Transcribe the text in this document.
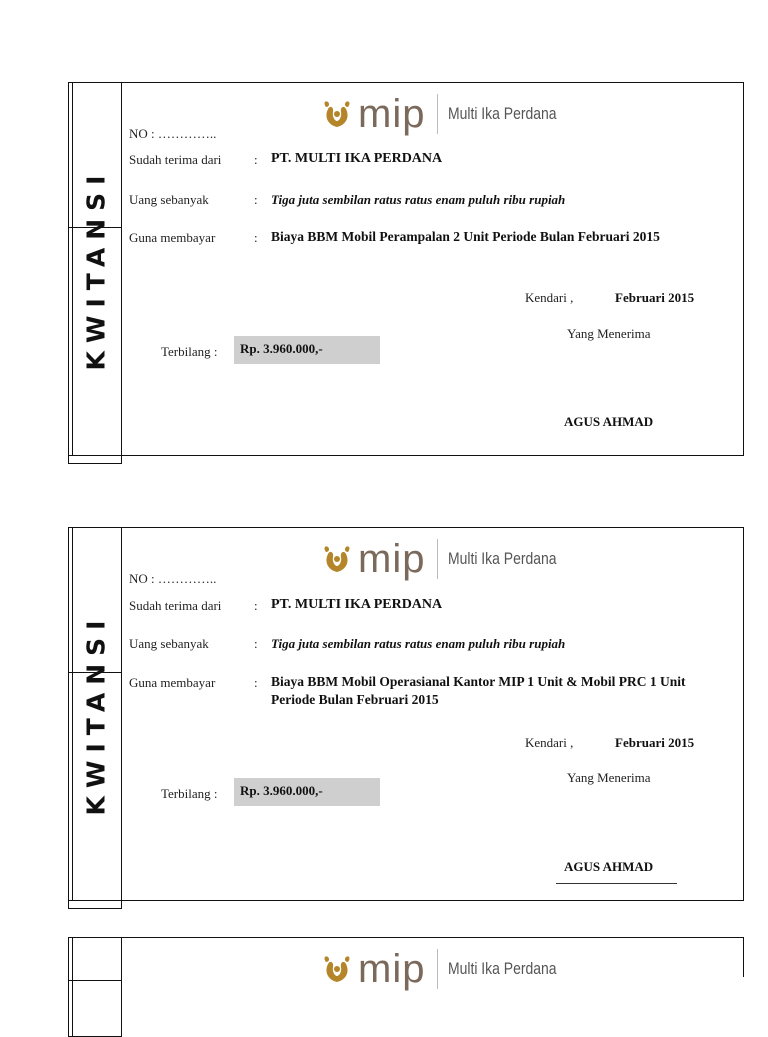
KWITANSI
mip Multi Ika Perdana
NO : …………..
Sudah terima dari	: PT. MULTI IKA PERDANA
Uang sebanyak	: Tiga juta sembilan ratus ratus enam puluh ribu rupiah
Guna membayar	: Biaya BBM Mobil Perampalan 2 Unit Periode Bulan Februari 2015
Kendari ,	Februari 2015
Yang Menerima
Terbilang : Rp. 3.960.000,-
AGUS AHMAD
KWITANSI
mip Multi Ika Perdana
NO : …………..
Sudah terima dari	: PT. MULTI IKA PERDANA
Uang sebanyak	: Tiga juta sembilan ratus ratus enam puluh ribu rupiah
Guna membayar	: Biaya BBM Mobil Operasianal Kantor MIP 1 Unit & Mobil PRC 1 Unit
Periode Bulan Februari 2015
Kendari ,	Februari 2015
Yang Menerima
Terbilang : Rp. 3.960.000,-
AGUS AHMAD
mip Multi Ika Perdana
